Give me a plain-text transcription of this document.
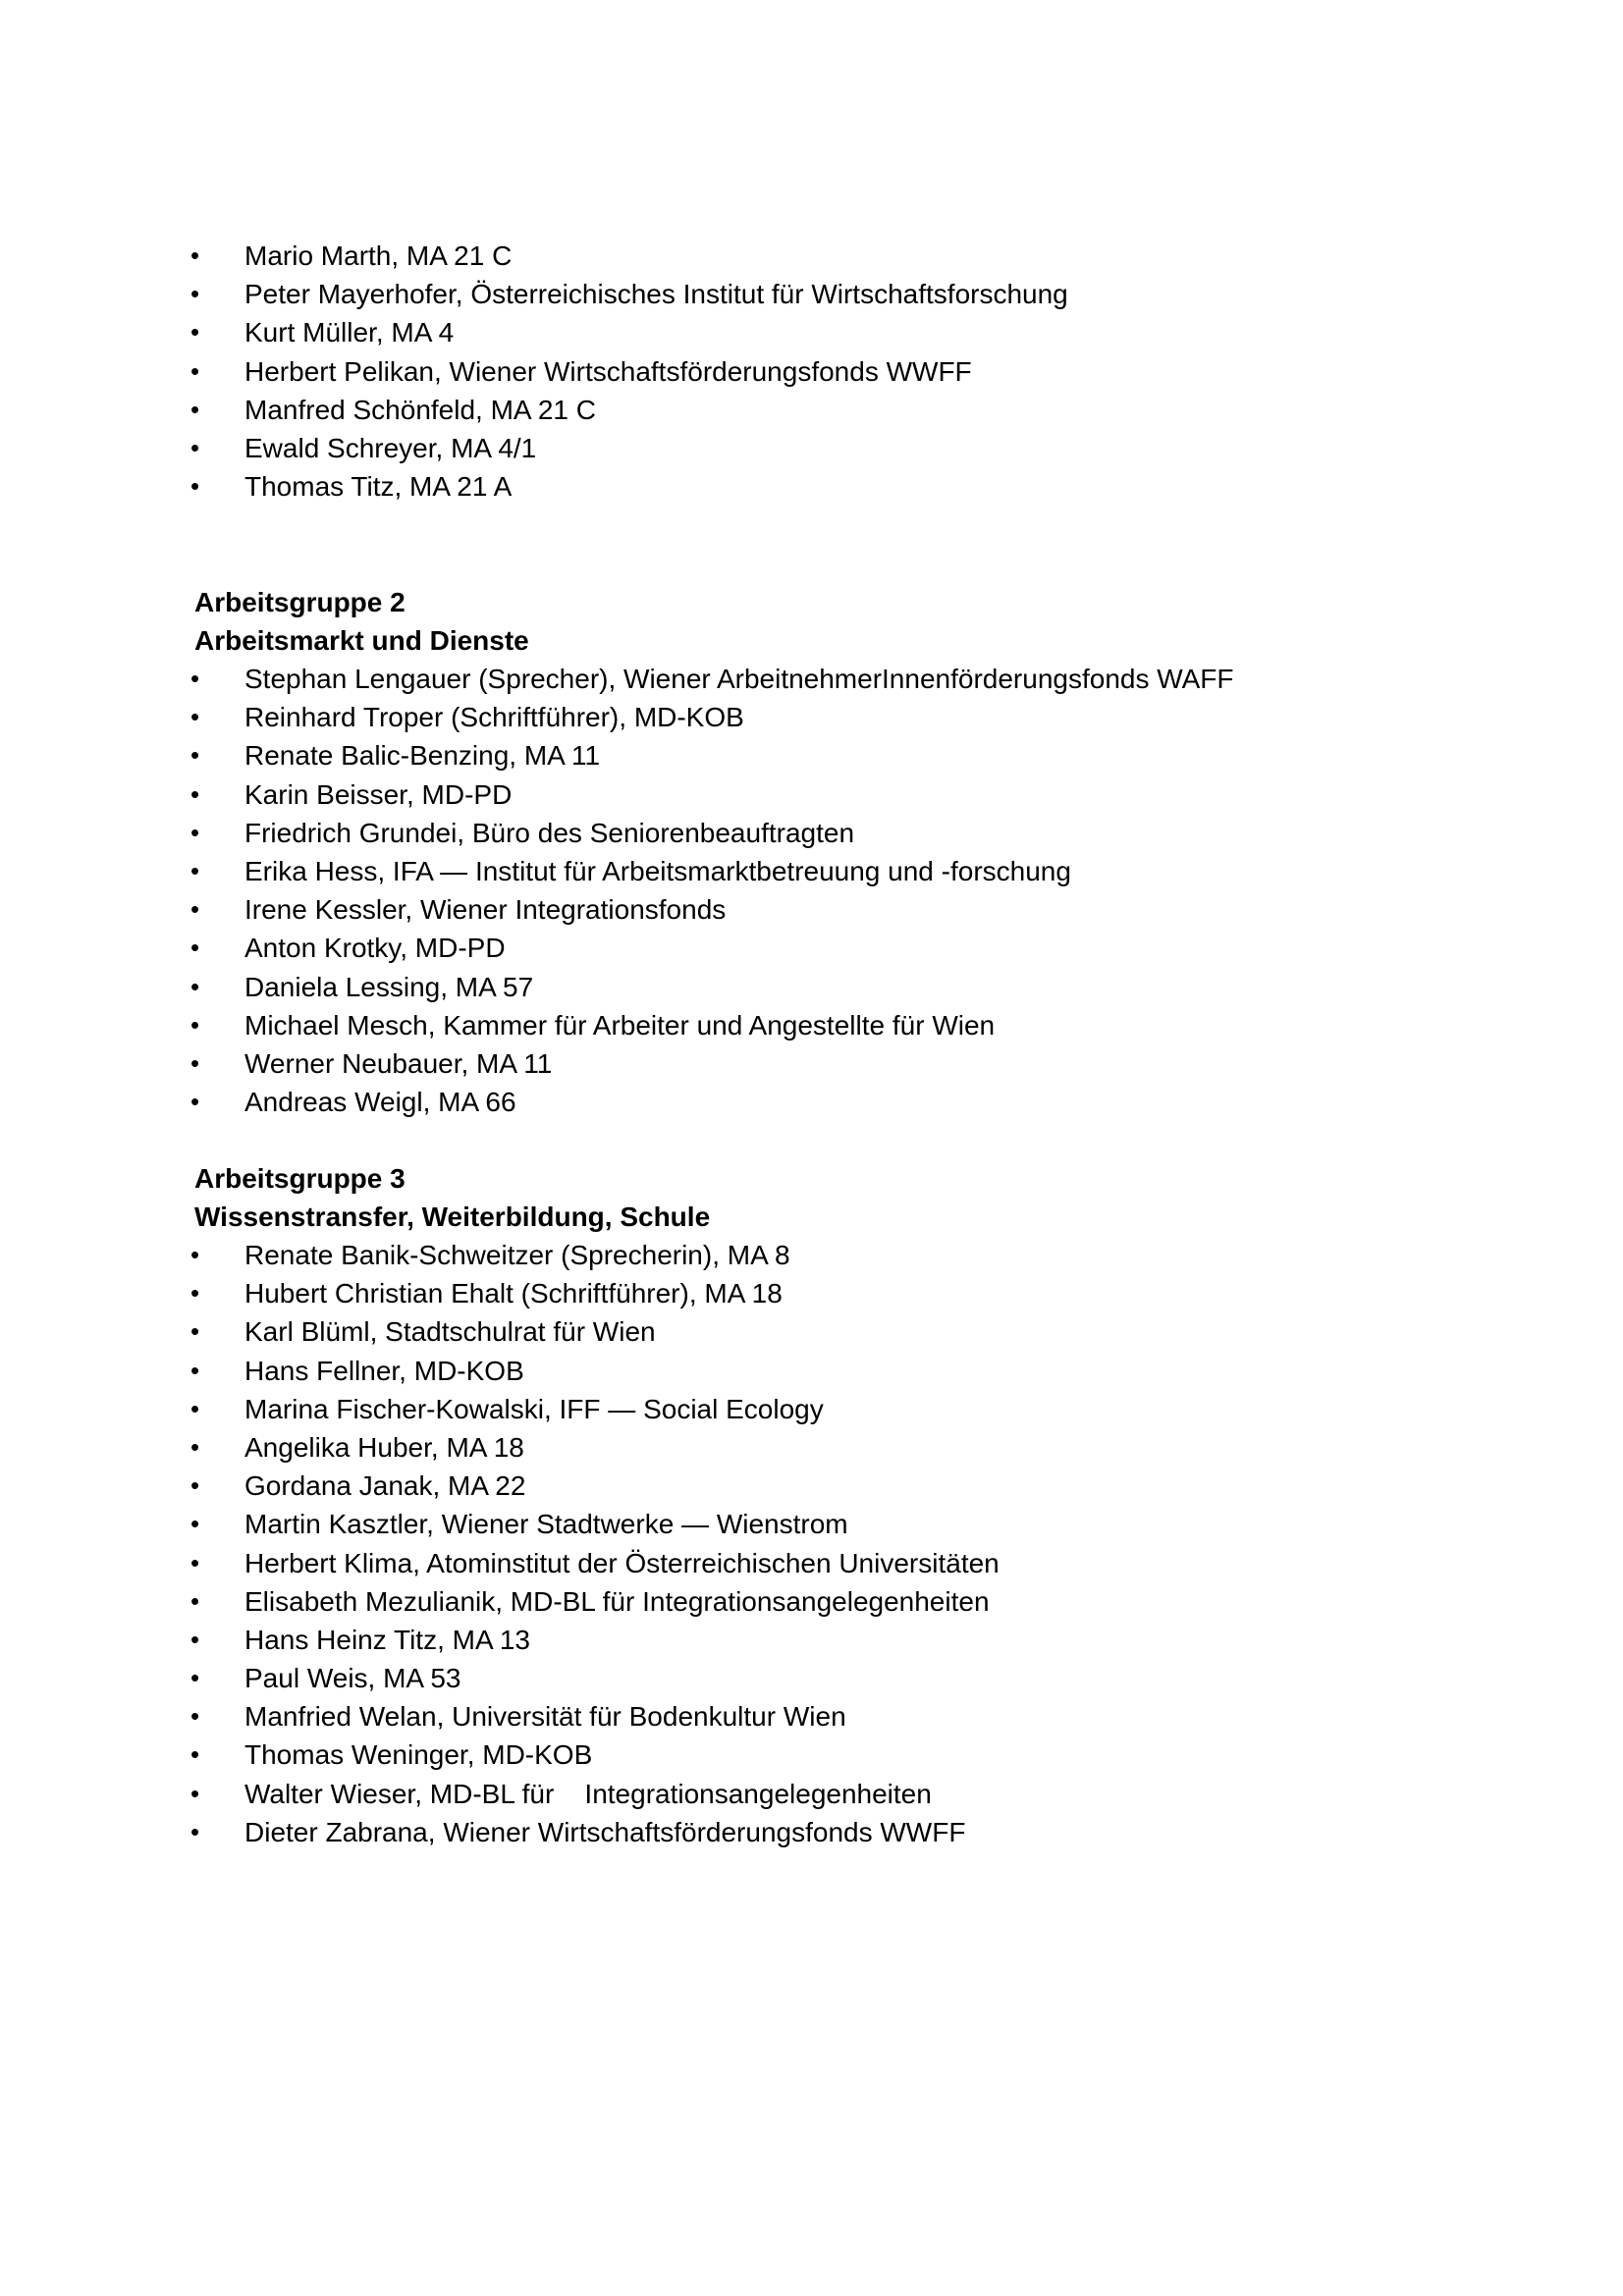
• Mario Marth, MA 21 C
• Peter Mayerhofer, Österreichisches Institut für Wirtschaftsforschung
• Kurt Müller, MA 4
• Herbert Pelikan, Wiener Wirtschaftsförderungsfonds WWFF
• Manfred Schönfeld, MA 21 C
• Ewald Schreyer, MA 4/1
• Thomas Titz, MA 21 A
Arbeitsgruppe 2
Arbeitsmarkt und Dienste
• Stephan Lengauer (Sprecher), Wiener ArbeitnehmerInnenförderungsfonds WAFF
• Reinhard Troper (Schriftführer), MD-KOB
• Renate Balic-Benzing, MA 11
• Karin Beisser, MD-PD
• Friedrich Grundei, Büro des Seniorenbeauftragten
• Erika Hess, IFA — Institut für Arbeitsmarktbetreuung und -forschung
• Irene Kessler, Wiener Integrationsfonds
• Anton Krotky, MD-PD
• Daniela Lessing, MA 57
• Michael Mesch, Kammer für Arbeiter und Angestellte für Wien
• Werner Neubauer, MA 11
• Andreas Weigl, MA 66
Arbeitsgruppe 3
Wissenstransfer, Weiterbildung, Schule
• Renate Banik-Schweitzer (Sprecherin), MA 8
• Hubert Christian Ehalt (Schriftführer), MA 18
• Karl Blüml, Stadtschulrat für Wien
• Hans Fellner, MD-KOB
• Marina Fischer-Kowalski, IFF — Social Ecology
• Angelika Huber, MA 18
• Gordana Janak, MA 22
• Martin Kasztler, Wiener Stadtwerke — Wienstrom
• Herbert Klima, Atominstitut der Österreichischen Universitäten
• Elisabeth Mezulianik, MD-BL für Integrationsangelegenheiten
• Hans Heinz Titz, MA 13
• Paul Weis, MA 53
• Manfried Welan, Universität für Bodenkultur Wien
• Thomas Weninger, MD-KOB
• Walter Wieser, MD-BL für    Integrationsangelegenheiten
• Dieter Zabrana, Wiener Wirtschaftsförderungsfonds WWFF
